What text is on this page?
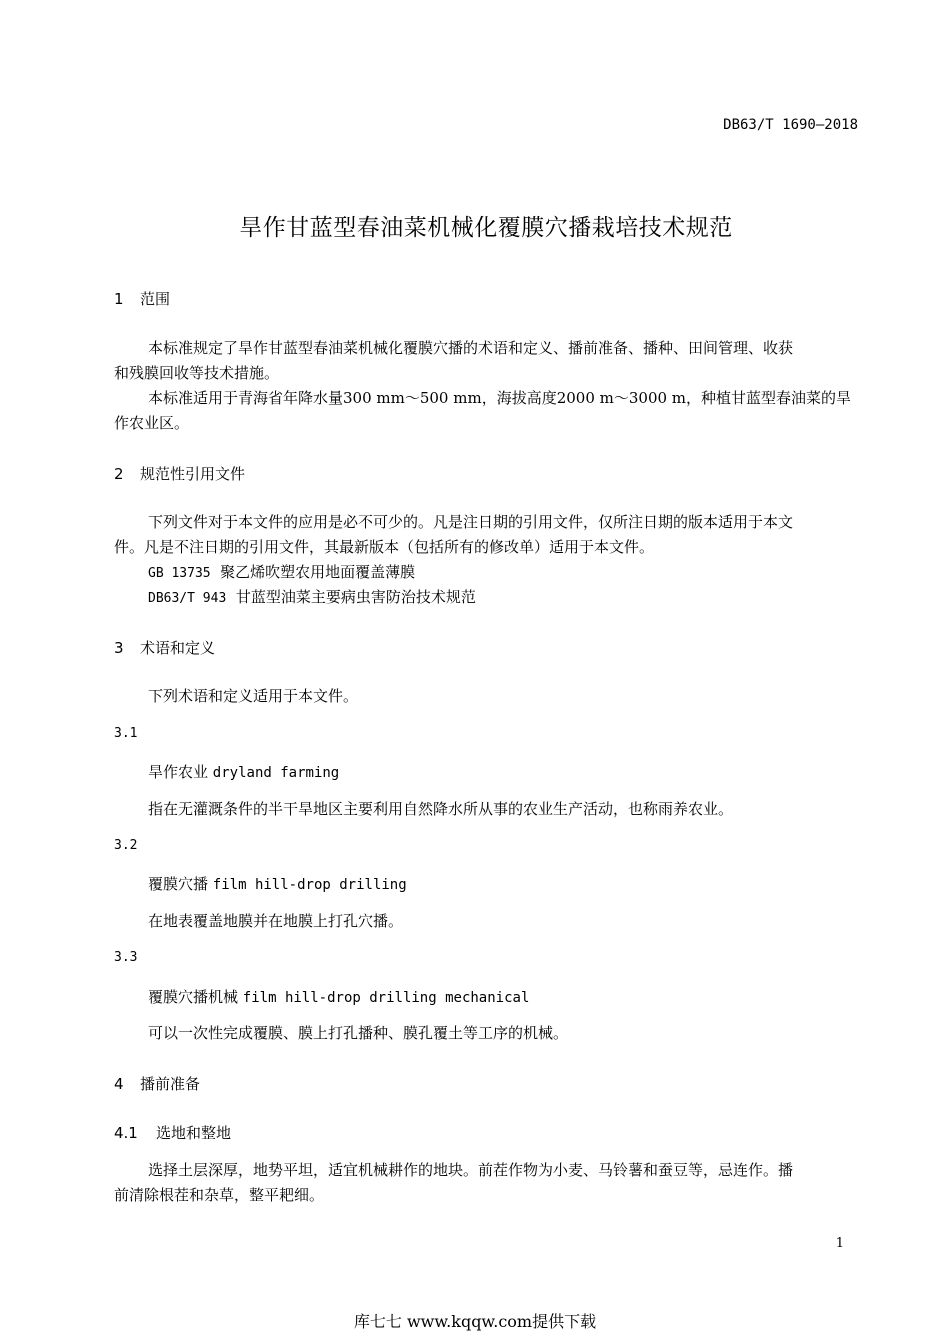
DB63/T 1690—2018
旱作甘蓝型春油菜机械化覆膜穴播栽培技术规范
1 范围
本标准规定了旱作甘蓝型春油菜机械化覆膜穴播的术语和定义、播前准备、播种、田间管理、收获
和残膜回收等技术措施。
本标准适用于青海省年降水量300 mm～500 mm，海拔高度2000 m～3000 m，种植甘蓝型春油菜的旱
作农业区。
2 规范性引用文件
下列文件对于本文件的应用是必不可少的。凡是注日期的引用文件，仅所注日期的版本适用于本文
件。凡是不注日期的引用文件，其最新版本（包括所有的修改单）适用于本文件。
GB 13735 聚乙烯吹塑农用地面覆盖薄膜
DB63/T 943 甘蓝型油菜主要病虫害防治技术规范
3 术语和定义
下列术语和定义适用于本文件。
3.1
旱作农业 dryland farming
指在无灌溉条件的半干旱地区主要利用自然降水所从事的农业生产活动，也称雨养农业。
3.2
覆膜穴播 film hill-drop drilling
在地表覆盖地膜并在地膜上打孔穴播。
3.3
覆膜穴播机械 film hill-drop drilling mechanical
可以一次性完成覆膜、膜上打孔播种、膜孔覆土等工序的机械。
4 播前准备
4.1 选地和整地
选择土层深厚，地势平坦，适宜机械耕作的地块。前茬作物为小麦、马铃薯和蚕豆等，忌连作。播
前清除根茬和杂草，整平耙细。
1
库七七 www.kqqw.com提供下载
